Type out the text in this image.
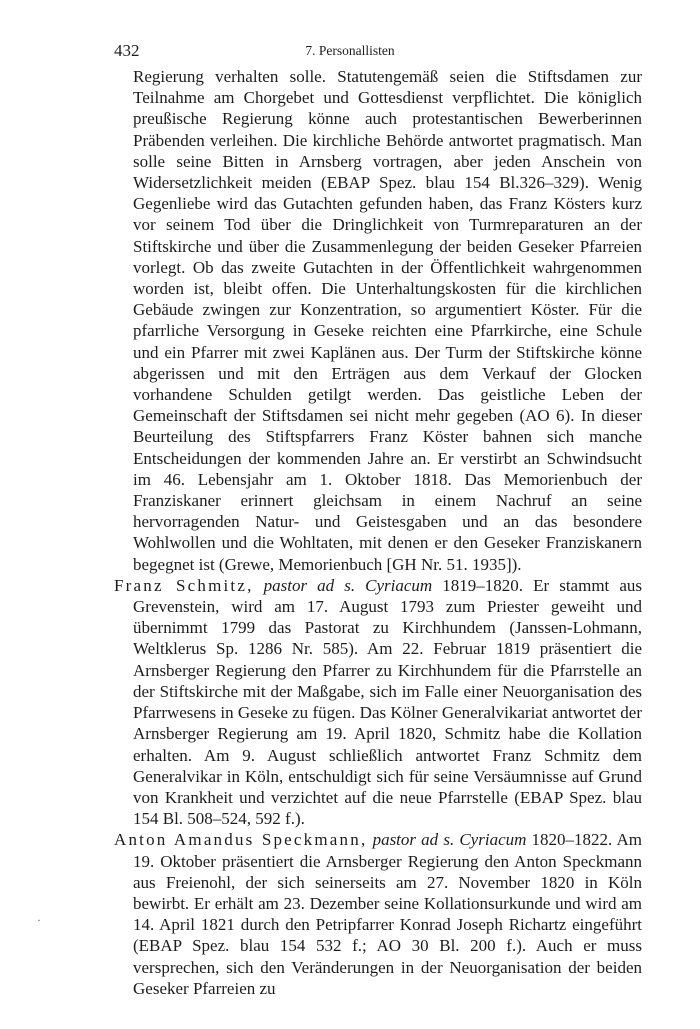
432	7. Personallisten

Regierung verhalten solle. Statutengemäß seien die Stiftsdamen zur Teilnahme am Chorgebet und Gottesdienst verpflichtet. Die königlich preußische Regierung könne auch protestantischen Bewerberinnen Präbenden verleihen. Die kirchliche Behörde antwortet pragmatisch. Man solle seine Bitten in Arnsberg vortragen, aber jeden Anschein von Widersetzlichkeit meiden (EBAP Spez. blau 154 Bl.326–329). Wenig Gegenliebe wird das Gutachten gefunden haben, das Franz Kösters kurz vor seinem Tod über die Dringlichkeit von Turmreparaturen an der Stiftskirche und über die Zusammenlegung der beiden Geseker Pfarreien vorlegt. Ob das zweite Gutachten in der Öffentlichkeit wahrgenommen worden ist, bleibt offen. Die Unterhaltungskosten für die kirchlichen Gebäude zwingen zur Konzentration, so argumentiert Köster. Für die pfarrliche Versorgung in Geseke reichten eine Pfarrkirche, eine Schule und ein Pfarrer mit zwei Kaplänen aus. Der Turm der Stiftskirche könne abgerissen und mit den Erträgen aus dem Verkauf der Glocken vorhandene Schulden getilgt werden. Das geistliche Leben der Gemeinschaft der Stiftsdamen sei nicht mehr gegeben (AO 6). In dieser Beurteilung des Stiftspfarrers Franz Köster bahnen sich manche Entscheidungen der kommenden Jahre an. Er verstirbt an Schwindsucht im 46. Lebensjahr am 1. Oktober 1818. Das Memorienbuch der Franziskaner erinnert gleichsam in einem Nachruf an seine hervorragenden Natur- und Geistesgaben und an das besondere Wohlwollen und die Wohltaten, mit denen er den Geseker Franziskanern begegnet ist (Grewe, Memorienbuch [GH Nr. 51. 1935]).

Franz Schmitz, pastor ad s. Cyriacum 1819–1820. Er stammt aus Grevenstein, wird am 17. August 1793 zum Priester geweiht und übernimmt 1799 das Pastorat zu Kirchhundem (Janssen-Lohmann, Weltklerus Sp. 1286 Nr. 585). Am 22. Februar 1819 präsentiert die Arnsberger Regierung den Pfarrer zu Kirchhundem für die Pfarrstelle an der Stiftskirche mit der Maßgabe, sich im Falle einer Neuorganisation des Pfarrwesens in Geseke zu fügen. Das Kölner Generalvikariat antwortet der Arnsberger Regierung am 19. April 1820, Schmitz habe die Kollation erhalten. Am 9. August schließlich antwortet Franz Schmitz dem Generalvikar in Köln, entschuldigt sich für seine Versäumnisse auf Grund von Krankheit und verzichtet auf die neue Pfarrstelle (EBAP Spez. blau 154 Bl. 508–524, 592 f.).

Anton Amandus Speckmann, pastor ad s. Cyriacum 1820–1822. Am 19. Oktober präsentiert die Arnsberger Regierung den Anton Speckmann aus Freienohl, der sich seinerseits am 27. November 1820 in Köln bewirbt. Er erhält am 23. Dezember seine Kollationsurkunde und wird am 14. April 1821 durch den Petripfarrer Konrad Joseph Richartz eingeführt (EBAP Spez. blau 154 532 f.; AO 30 Bl. 200 f.). Auch er muss versprechen, sich den Veränderungen in der Neuorganisation der beiden Geseker Pfarreien zu

·
